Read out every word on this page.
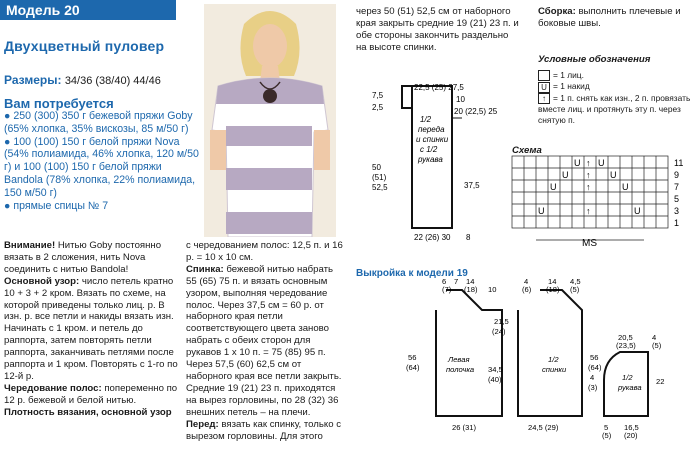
Модель 20
Двухцветный пуловер
Размеры: 34/36 (38/40) 44/46
Вам потребуется

● 250 (300) 350 г бежевой пряжи Goby (65% хлопка, 35% вискозы, 85 м/50 г)

● 100 (100) 150 г белой пряжи Nova (54% полиамида, 46% хлопка, 120 м/50 г) и 100 (100) 150 г белой пряжи Bandola (78% хлопка, 22% полиамида, 150 м/50 г)

● прямые спицы № 7

Внимание! Нитью Goby постоянно вязать в 2 сложения, нить Nova соединить с нитью Bandola!

Основной узор: число петель кратно 10 + 3 + 2 кром. Вязать по схеме, на которой приведены только лиц. р. В изн. р. все петли и накиды вязать изн. Начинать с 1 кром. и петель до раппорта, затем повторять петли раппорта, заканчивать петлями после раппорта и 1 кром. Повторять с 1-го по 12-й р.

Чередование полос: попеременно по 12 р. бежевой и белой нитью.

Плотность вязания, основной узор

с чередованием полос: 12,5 п. и 16 р. = 10 х 10 см.

Спинка: бежевой нитью набрать 55 (65) 75 п. и вязать основным узором, выполняя чередование полос. Через 37,5 см = 60 р. от наборного края петли соответствующего цвета заново набрать с обеих сторон для рукавов 1 х 10 п. = 75 (85) 95 п. Через 57,5 (60) 62,5 см от наборного края все петли закрыть. Средние 19 (21) 23 п. приходятся на вырез горловины, по 28 (32) 36 внешних петель – на плечи.

Перед: вязать как спинку, только с вырезом горловины. Для этого

через 50 (51) 52,5 см от наборного края закрыть средние 19 (21) 23 п. и обе стороны закончить раздельно на высоте спинки.
7,5
2,5
22,5 (25) 27,5
10
20 (22,5) 25
1/2
переда
и спинки
с 1/2
рукава
50
(51)
52,5	37,5
22 (26) 30 8
Сборка: выполнить плечевые и боковые швы.
Условные обозначения
= 1 лиц.
U = 1 накид
↑ = 1 п. снять как изн., 2 п. провязать вместе лиц. и протянуть эту п. через снятую п.
Схема
U ↑ U
U ↑ U
U	↑	U
U	↑	U
11
9
7
5
3
1
MS
Выкройка к модели 19
6
(7)
7 14
(18) 10
4,5
(5)
14
(18)
4
(6)
56
(64)
Левая
полочка
26 (31)
21,5
(24)
34,5
(40)
1/2
спинки
24,5 (29)
56
(64)
20,5
(23,5)
4
(5)
1/2
рукава
22
16,5
(20)
4
(3)
5
(5)
